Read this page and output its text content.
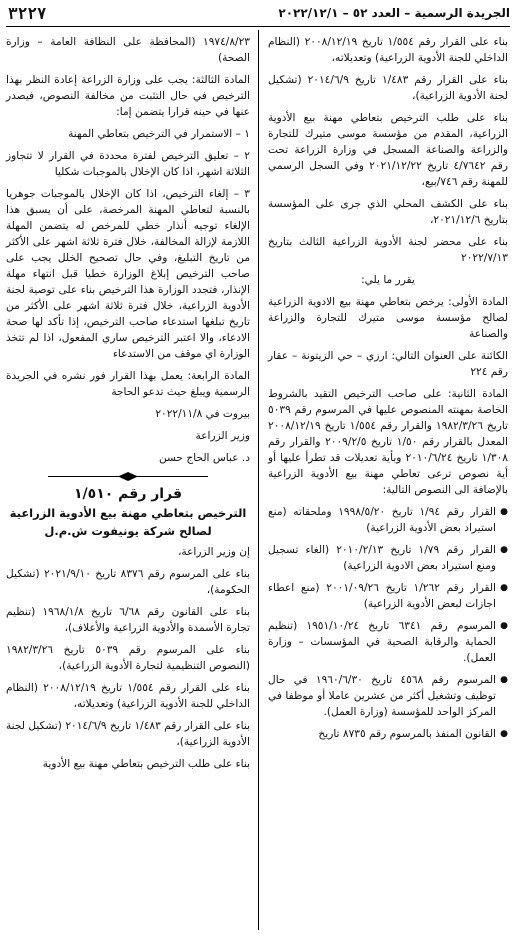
الجريدة الرسمية – العدد ٥٢ – ٢٠٢٢/١٢/١
٣٢٢٧

بناء على القرار رقم ١/٥٥٤ تاريخ ٢٠٠٨/١٢/١٩ (النظام الداخلي للجنة الأدوية الزراعية) وتعديلاته،

بناء على القرار رقم ١/٤٨٣ تاريخ ٢٠١٤/٦/٩ (تشكيل لجنة الأدوية الزراعية)،

بناء على طلب الترخيص بتعاطي مهنة بيع الأدوية الزراعية، المقدم من مؤسسة موسى متيرك للتجارة والزراعة والصناعة المسجل في وزارة الزراعة تحت رقم ٤/٧٦٤٢ تاريخ ٢٠٢١/١٢/٢٢ وفي السجل الرسمي للمهنة رقم ٧٤٦/بيع،

بناء على الكشف المحلي الذي جرى على المؤسسة بتاريخ ٢٠٢١/١٢/٦،

بناء على محضر لجنة الأدوية الزراعية الثالث بتاريخ ٢٠٢٢/٧/١٣

يقرر ما يلي:

المادة الأولى: يرخص بتعاطي مهنة بيع الادوية الزراعية لصالح مؤسسة موسى متيرك للتجارة والزراعة والصناعة

الكائنة على العنوان التالي: ارزي – حي الزيتونة – عقار رقم ٢٢٤

المادة الثانية: على صاحب الترخيص التقيد بالشروط الخاصة بمهنته المنصوص عليها في المرسوم رقم ٥٠٣٩ تاريخ ١٩٨٢/٣/٢٦ والقرار رقم ١/٥٥٤ تاريخ ٢٠٠٨/١٢/١٩ المعدل بالقرار رقم ١/٥٠ تاريخ ٢٠٠٩/٢/٥ والقرار رقم ١/٣٠٨ تاريخ ٢٠١٠/٦/٢٤ وبأية تعديلات قد تطرأ عليها أو أية نصوص ترعى تعاطي مهنة بيع الأدوية الزراعية بالإضافة الى النصوص التالية:

● القرار رقم ١/٩٤ تاريخ ١٩٩٨/٥/٢٠ وملحقاته (منع استيراد بعض الأدوية الزراعية)
● القرار رقم ١/٧٩ تاريخ ٢٠١٠/٢/١٣ (الغاء تسجيل ومنع استيراد بعض الادوية الزراعية)
● القرار رقم ١/٢٦٢ تاريخ ٢٠٠١/٠٩/٢٦ (منع اعطاء اجازات لبعض الأدوية الزراعية)
● المرسوم رقم ٦٣٤١ تاريخ ١٩٥١/١٠/٢٤ (تنظيم الحماية والرقابة الصحية في المؤسسات – وزارة العمل).
● المرسوم رقم ٤٥٦٨ تاريخ ١٩٦٠/٦/٣٠ في حال توظيف وتشغيل أكثر من عشرين عاملا أو موظفا في المركز الواحد للمؤسسة (وزارة العمل).
● القانون المنفذ بالمرسوم رقم ٨٧٣٥ تاريخ

١٩٧٤/٨/٢٣ (المحافظة على النظافة العامة – وزارة الصحة)

المادة الثالثة: يجب على وزارة الزراعة إعادة النظر بهذا الترخيص في حال التثبت من مخالفة النصوص، فيصدر عنها في حينه قرارا يتضمن إما:

١ – الاستمرار في الترخيص بتعاطي المهنة

٢ – تعليق الترخيص لفترة محددة في القرار لا تتجاوز الثلاثة اشهر، اذا كان الإخلال بالموجبات شكليا

٣ – إلغاء الترخيص، اذا كان الإخلال بالموجبات جوهريا بالنسبة لتعاطي المهنة المرخصة، على أن يسبق هذا الإلغاء توجيه أنذار خطي للمرخص له يتضمن المهلة اللازمة لإزالة المخالفة، خلال فترة ثلاثة اشهر على الأكثر من تاريخ التبليغ، وفي حال تصحيح الخلل يجب على صاحب الترخيص إبلاغ الوزارة خطيا قبل انتهاء مهلة الإنذار، فتجدد الوزارة هذا الترخيص بناء على توصية لجنة الأدوية الزراعية، خلال فترة ثلاثة اشهر على الأكثر من تاريخ تبلغها استدعاء صاحب الترخيص، إذا تأكد لها صحة الادعاء، والا اعتبر الترخيص ساري المفعول، اذا لم تتخذ الوزارة اي موقف من الاستدعاء

المادة الرابعة: يعمل بهذا القرار فور نشره في الجريدة الرسمية ويبلغ حيث تدعو الحاجة

بيروت في ٢٠٢٢/١١/٨

وزير الزراعة

د. عباس الحاج حسن

قرار رقم ١/٥١٠
الترخيص بتعاطي مهنة بيع الأدوية الزراعية لصالح شركة يونيفوت ش.م.ل

إن وزير الزراعة،

بناء على المرسوم رقم ٨٣٧٦ تاريخ ٢٠٢١/٩/١٠ (تشكيل الحكومة)،

بناء على القانون رقم ٦/٦٨ تاريخ ١٩٦٨/١/٨ (تنظيم تجارة الأسمدة والأدوية الزراعية والأعلاف)،

بناء على المرسوم رقم ٥٠٣٩ تاريخ ١٩٨٢/٣/٢٦ (النصوص التنظيمية لتجارة الأدوية الزراعية)،

بناء على القرار رقم ١/٥٥٤ تاريخ ٢٠٠٨/١٢/١٩ (النظام الداخلي للجنة الأدوية الزراعية) وتعديلاته،

بناء على القرار رقم ١/٤٨٣ تاريخ ٢٠١٤/٦/٩ (تشكيل لجنة الأدوية الزراعية)،

بناء على طلب الترخيص بتعاطي مهنة بيع الأدوية
